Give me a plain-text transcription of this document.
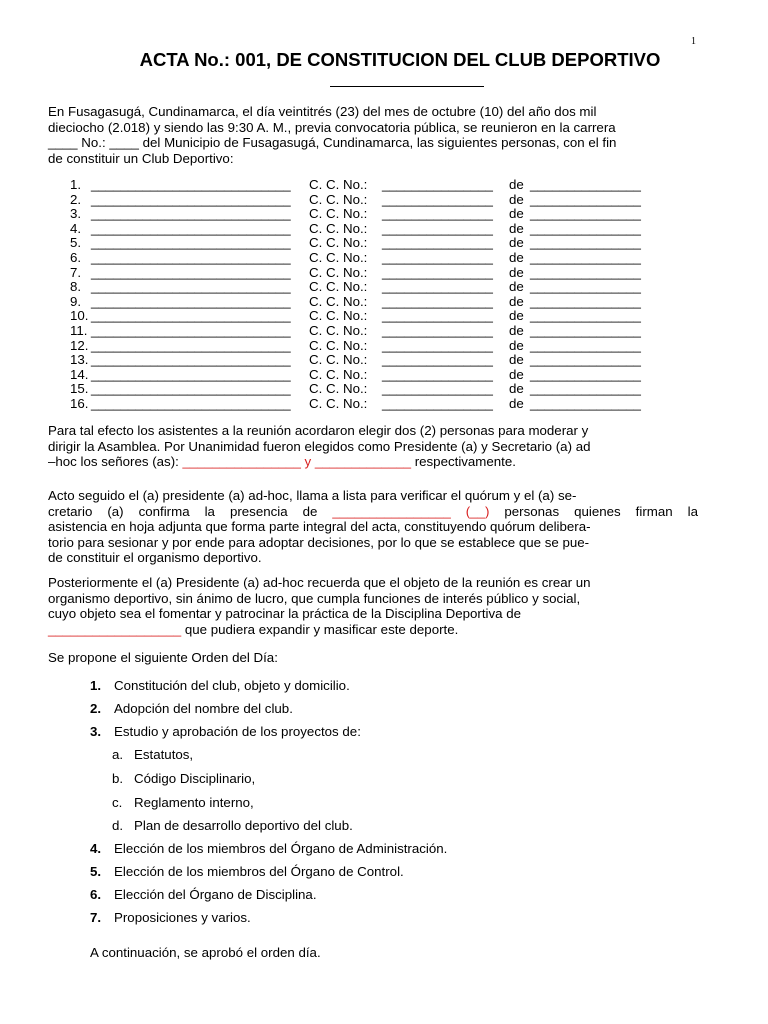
1
ACTA No.: 001, DE CONSTITUCION DEL CLUB DEPORTIVO
En Fusagasugá, Cundinamarca, el día veintitrés (23) del mes de octubre (10) del año dos mil
dieciocho (2.018) y siendo las 9:30 A. M., previa convocatoria pública, se reunieron en la carrera
____ No.: ____ del Municipio de Fusagasugá, Cundinamarca, las siguientes personas, con el fin
de constituir un Club Deportivo:
1. ___________________________ C. C. No.: _______________ de _______________
2. ___________________________ C. C. No.: _______________ de _______________
3. ___________________________ C. C. No.: _______________ de _______________
4. ___________________________ C. C. No.: _______________ de _______________
5. ___________________________ C. C. No.: _______________ de _______________
6. ___________________________ C. C. No.: _______________ de _______________
7. ___________________________ C. C. No.: _______________ de _______________
8. ___________________________ C. C. No.: _______________ de _______________
9. ___________________________ C. C. No.: _______________ de _______________
10. ___________________________ C. C. No.: _______________ de _______________
11. ___________________________ C. C. No.: _______________ de _______________
12. ___________________________ C. C. No.: _______________ de _______________
13. ___________________________ C. C. No.: _______________ de _______________
14. ___________________________ C. C. No.: _______________ de _______________
15. ___________________________ C. C. No.: _______________ de _______________
16. ___________________________ C. C. No.: _______________ de _______________
Para tal efecto los asistentes a la reunión acordaron elegir dos (2) personas para moderar y
dirigir la Asamblea. Por Unanimidad fueron elegidos como Presidente (a) y Secretario (a) ad
–hoc los señores (as): ________________ y _____________ respectivamente.
Acto seguido el (a) presidente (a) ad-hoc, llama a lista para verificar el quórum y el (a) se-
cretario (a) confirma la presencia de ________________ (__) personas quienes firman la
asistencia en hoja adjunta que forma parte integral del acta, constituyendo quórum delibera-
torio para sesionar y por ende para adoptar decisiones, por lo que se establece que se pue-
de constituir el organismo deportivo.
Posteriormente el (a) Presidente (a) ad-hoc recuerda que el objeto de la reunión es crear un
organismo deportivo, sin ánimo de lucro, que cumpla funciones de interés público y social,
cuyo objeto sea el fomentar y patrocinar la práctica de la Disciplina Deportiva de
__________________ que pudiera expandir y masificar este deporte.
Se propone el siguiente Orden del Día:
1. Constitución del club, objeto y domicilio.
2. Adopción del nombre del club.
3. Estudio y aprobación de los proyectos de:
a. Estatutos,
b. Código Disciplinario,
c. Reglamento interno,
d. Plan de desarrollo deportivo del club.
4. Elección de los miembros del Órgano de Administración.
5. Elección de los miembros del Órgano de Control.
6. Elección del Órgano de Disciplina.
7. Proposiciones y varios.
A continuación, se aprobó el orden día.
